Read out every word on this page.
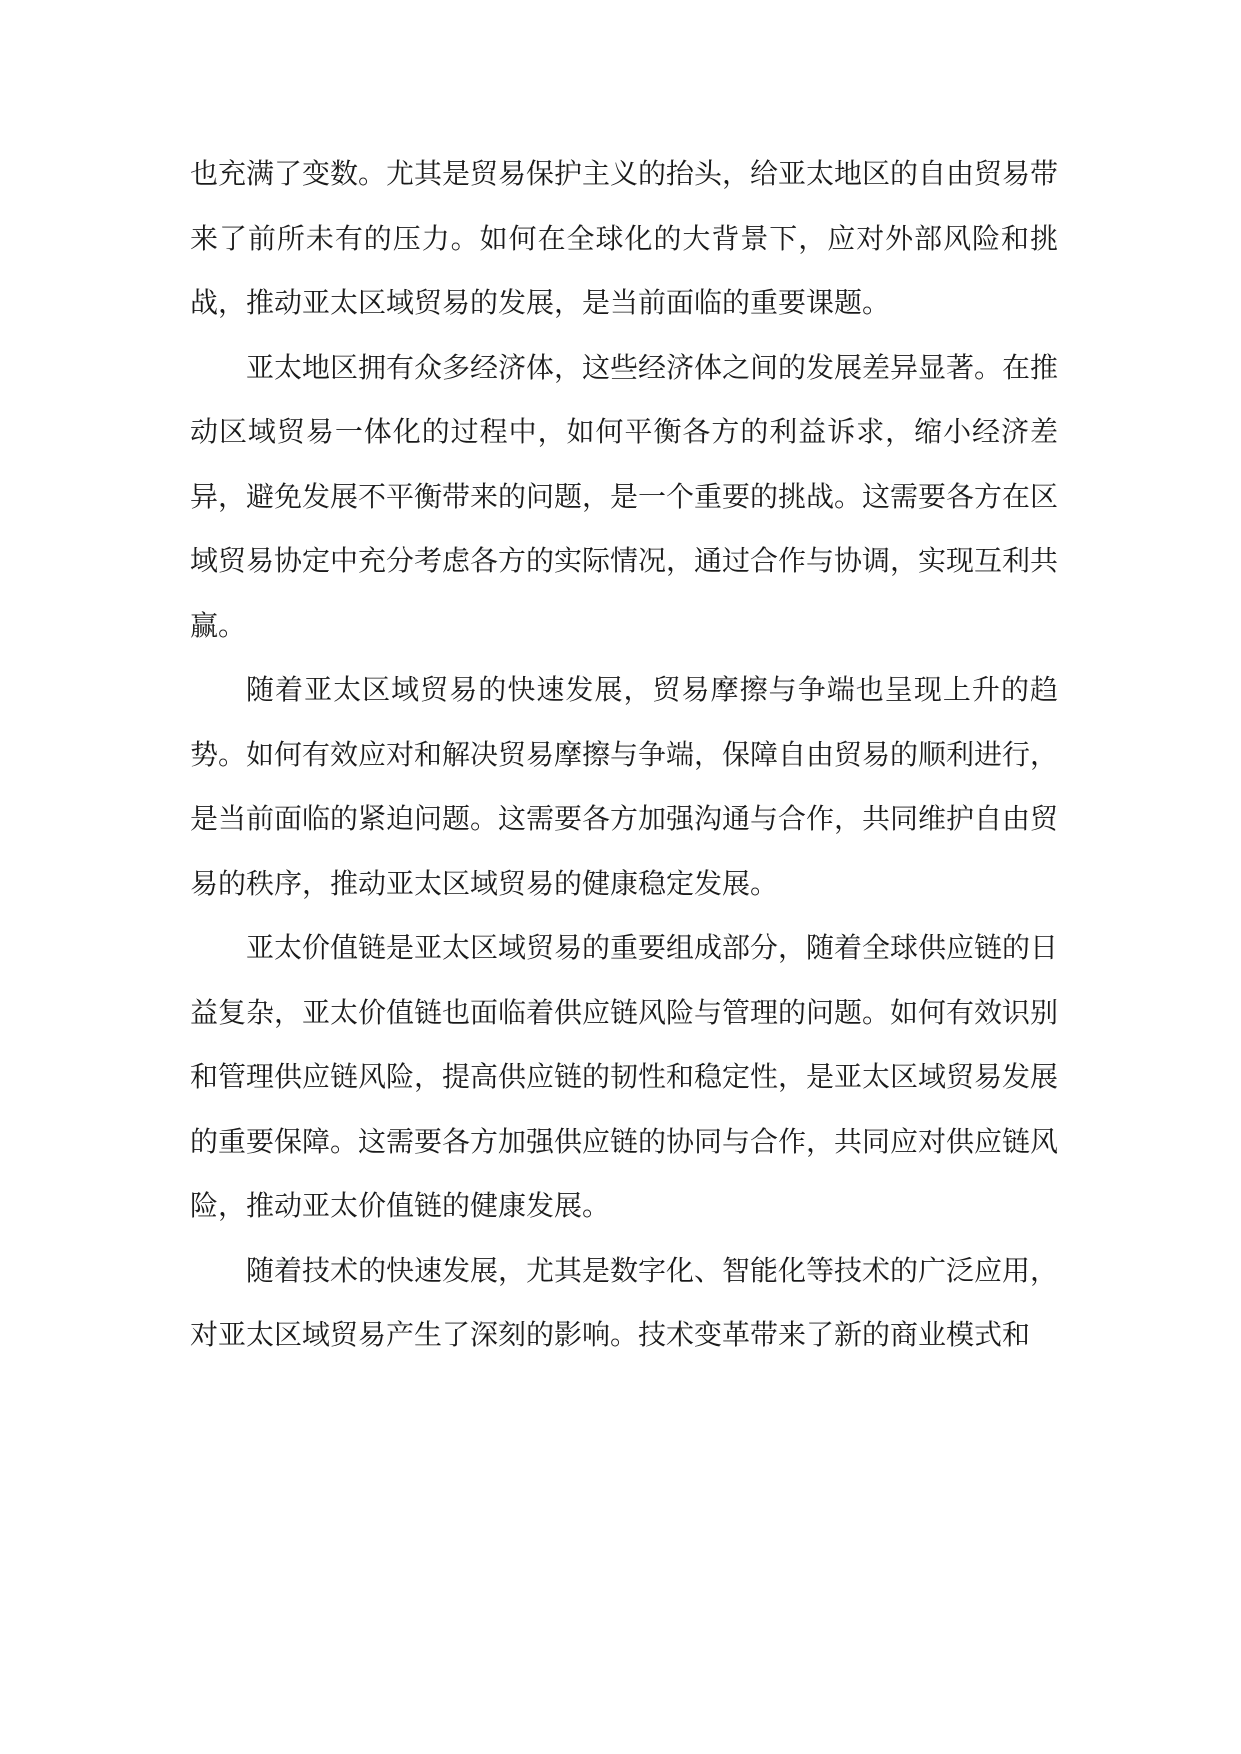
也充满了变数。尤其是贸易保护主义的抬头，给亚太地区的自由贸易带来了前所未有的压力。如何在全球化的大背景下，应对外部风险和挑战，推动亚太区域贸易的发展，是当前面临的重要课题。

亚太地区拥有众多经济体，这些经济体之间的发展差异显著。在推动区域贸易一体化的过程中，如何平衡各方的利益诉求，缩小经济差异，避免发展不平衡带来的问题，是一个重要的挑战。这需要各方在区域贸易协定中充分考虑各方的实际情况，通过合作与协调，实现互利共赢。

随着亚太区域贸易的快速发展，贸易摩擦与争端也呈现上升的趋势。如何有效应对和解决贸易摩擦与争端，保障自由贸易的顺利进行，是当前面临的紧迫问题。这需要各方加强沟通与合作，共同维护自由贸易的秩序，推动亚太区域贸易的健康稳定发展。

亚太价值链是亚太区域贸易的重要组成部分，随着全球供应链的日益复杂，亚太价值链也面临着供应链风险与管理的问题。如何有效识别和管理供应链风险，提高供应链的韧性和稳定性，是亚太区域贸易发展的重要保障。这需要各方加强供应链的协同与合作，共同应对供应链风险，推动亚太价值链的健康发展。

随着技术的快速发展，尤其是数字化、智能化等技术的广泛应用，对亚太区域贸易产生了深刻的影响。技术变革带来了新的商业模式和
